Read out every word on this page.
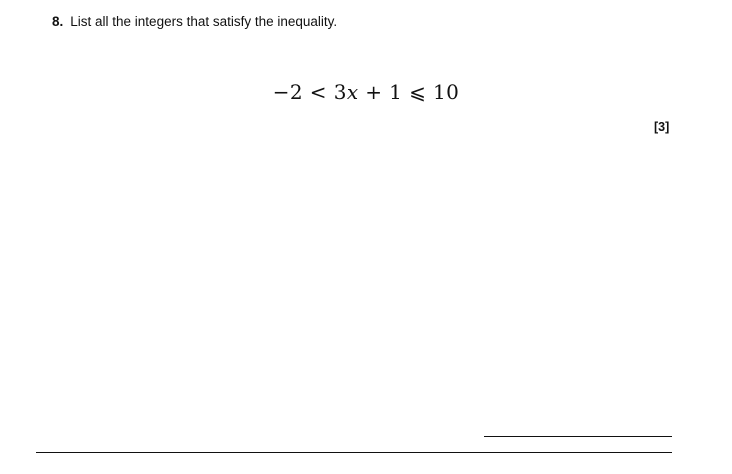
8. List all the integers that satisfy the inequality.
−2 < 3x + 1 ⩽ 10
[3]
